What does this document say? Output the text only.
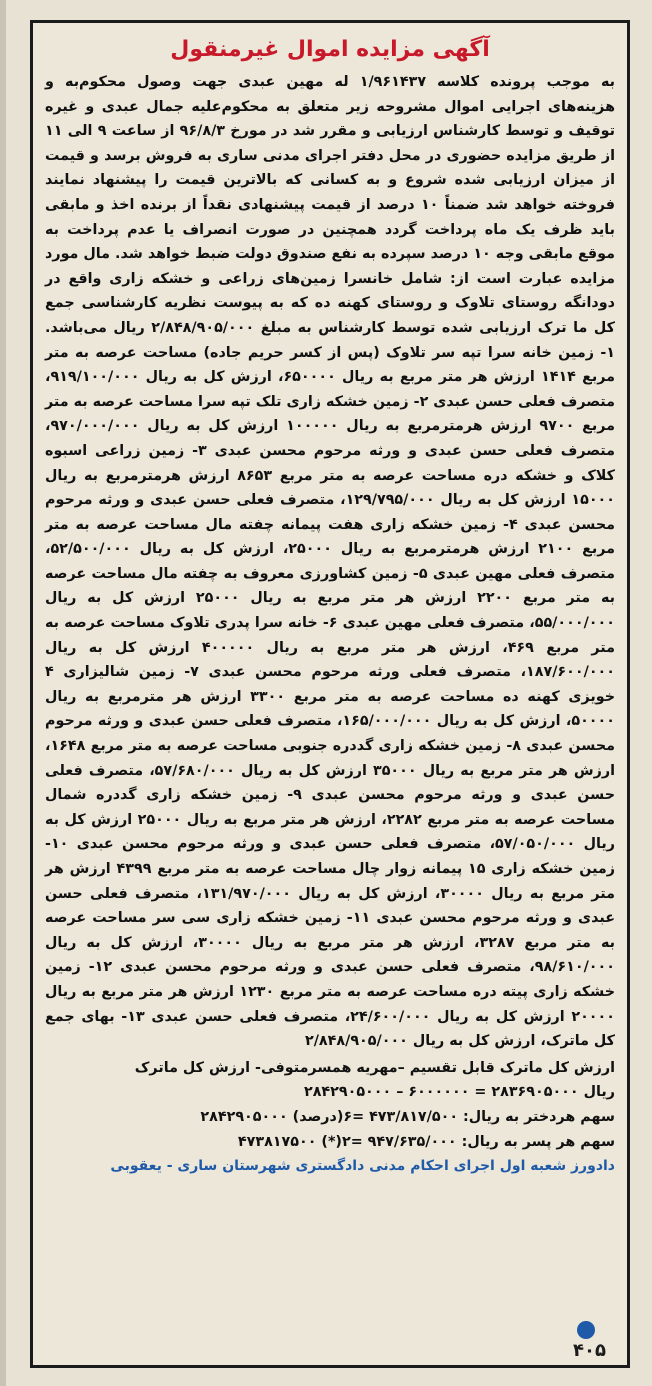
آگهی مزایده اموال غیرمنقول

به موجب پرونده کلاسه ۱/۹۶۱۴۳۷ له مهین عبدی جهت وصول محکوم‌به و هزینه‌های اجرایی اموال مشروحه زیر متعلق به محکوم‌علیه جمال عبدی و غیره توقیف و توسط کارشناس ارزیابی و مقرر شد در مورخ ۹۶/۸/۳ از ساعت ۹ الی ۱۱ از طریق مزایده حضوری در محل دفتر اجرای مدنی ساری به فروش برسد و قیمت از میزان ارزیابی شده شروع و به کسانی که بالاترین قیمت را پیشنهاد نمایند فروخته خواهد شد ضمناً ۱۰ درصد از قیمت پیشنهادی نقداً از برنده اخذ و مابقی باید ظرف یک ماه پرداخت گردد همچنین در صورت انصراف یا عدم پرداخت به موقع مابقی وجه ۱۰ درصد سپرده به نفع صندوق دولت ضبط خواهد شد. مال مورد مزایده عبارت است از: شامل خانسرا زمین‌های زراعی و خشکه زاری واقع در دودانگه روستای تلاوک و روستای کهنه ده که به پیوست نظریه کارشناسی جمع کل ما ترک ارزیابی شده توسط کارشناس به مبلغ ۲/۸۴۸/۹۰۵/۰۰۰ ریال می‌باشد. ۱- زمین خانه سرا تپه سر تلاوک (پس از کسر حریم جاده) مساحت عرصه به متر مربع ۱۴۱۴ ارزش هر متر مربع به ریال ۶۵۰۰۰۰، ارزش کل به ریال ۹۱۹/۱۰۰/۰۰۰، متصرف فعلی حسن عبدی ۲- زمین خشکه زاری تلک تپه سرا مساحت عرصه به متر مربع ۹۷۰۰ ارزش هرمترمربع به ریال ۱۰۰۰۰۰ ارزش کل به ریال ۹۷۰/۰۰۰/۰۰۰، متصرف فعلی حسن عبدی و ورثه مرحوم محسن عبدی ۳- زمین زراعی اسبوه کلاک و خشکه دره مساحت عرصه به متر مربع ۸۶۵۳ ارزش هرمترمربع به ریال ۱۵۰۰۰ ارزش کل به ریال ۱۲۹/۷۹۵/۰۰۰، متصرف فعلی حسن عبدی و ورثه مرحوم محسن عبدی ۴- زمین خشکه زاری هفت پیمانه چفته مال مساحت عرصه به متر مربع ۲۱۰۰ ارزش هرمترمربع به ریال ۲۵۰۰۰، ارزش کل به ریال ۵۲/۵۰۰/۰۰۰، متصرف فعلی مهین عبدی ۵- زمین کشاورزی معروف به چفته مال مساحت عرصه به متر مربع ۲۲۰۰ ارزش هر متر مربع به ریال ۲۵۰۰۰ ارزش کل به ریال ۵۵/۰۰۰/۰۰۰، متصرف فعلی مهین عبدی ۶- خانه سرا پدری تلاوک مساحت عرصه به متر مربع ۴۶۹، ارزش هر متر مربع به ریال ۴۰۰۰۰۰ ارزش کل به ریال ۱۸۷/۶۰۰/۰۰۰، متصرف فعلی ورثه مرحوم محسن عبدی ۷- زمین شالیزاری ۴ خویزی کهنه ده مساحت عرصه به متر مربع ۳۳۰۰ ارزش هر مترمربع به ریال ۵۰۰۰۰، ارزش کل به ریال ۱۶۵/۰۰۰/۰۰۰، متصرف فعلی حسن عبدی و ورثه مرحوم محسن عبدی ۸- زمین خشکه زاری گددره جنوبی مساحت عرصه به متر مربع ۱۶۴۸، ارزش هر متر مربع به ریال ۳۵۰۰۰ ارزش کل به ریال ۵۷/۶۸۰/۰۰۰، متصرف فعلی حسن عبدی و ورثه مرحوم محسن عبدی ۹- زمین خشکه زاری گددره شمال مساحت عرصه به متر مربع ۲۲۸۲، ارزش هر متر مربع به ریال ۲۵۰۰۰ ارزش کل به ریال ۵۷/۰۵۰/۰۰۰، متصرف فعلی حسن عبدی و ورثه مرحوم محسن عبدی ۱۰- زمین خشکه زاری ۱۵ پیمانه زوار چال مساحت عرصه به متر مربع ۴۳۹۹ ارزش هر متر مربع به ریال ۳۰۰۰۰، ارزش کل به ریال ۱۳۱/۹۷۰/۰۰۰، متصرف فعلی حسن عبدی و ورثه مرحوم محسن عبدی ۱۱- زمین خشکه زاری سی سر مساحت عرصه به متر مربع ۳۲۸۷، ارزش هر متر مربع به ریال ۳۰۰۰۰، ارزش کل به ریال ۹۸/۶۱۰/۰۰۰، متصرف فعلی حسن عبدی و ورثه مرحوم محسن عبدی ۱۲- زمین خشکه زاری پیته دره مساحت عرصه به متر مربع ۱۲۳۰ ارزش هر متر مربع به ریال ۲۰۰۰۰ ارزش کل به ریال ۲۴/۶۰۰/۰۰۰، متصرف فعلی حسن عبدی ۱۳- بهای جمع کل ماترک، ارزش کل به ریال ۲/۸۴۸/۹۰۵/۰۰۰

ارزش کل ماترک قابل تقسیم –مهریه همسرمتوفی- ارزش کل ماترک
ریال ۲۸۳۶۹۰۵۰۰۰ = ۶۰۰۰۰۰۰ – ۲۸۴۲۹۰۵۰۰۰
سهم هردختر به ریال: ۴۷۳/۸۱۷/۵۰۰ =۶(درصد) ۲۸۴۲۹۰۵۰۰۰
سهم هر پسر به ریال: ۹۴۷/۶۳۵/۰۰۰ =۲(*) ۴۷۳۸۱۷۵۰۰
دادورز شعبه اول اجرای احکام مدنی دادگستری شهرستان ساری - یعقوبی
۴۰۵
